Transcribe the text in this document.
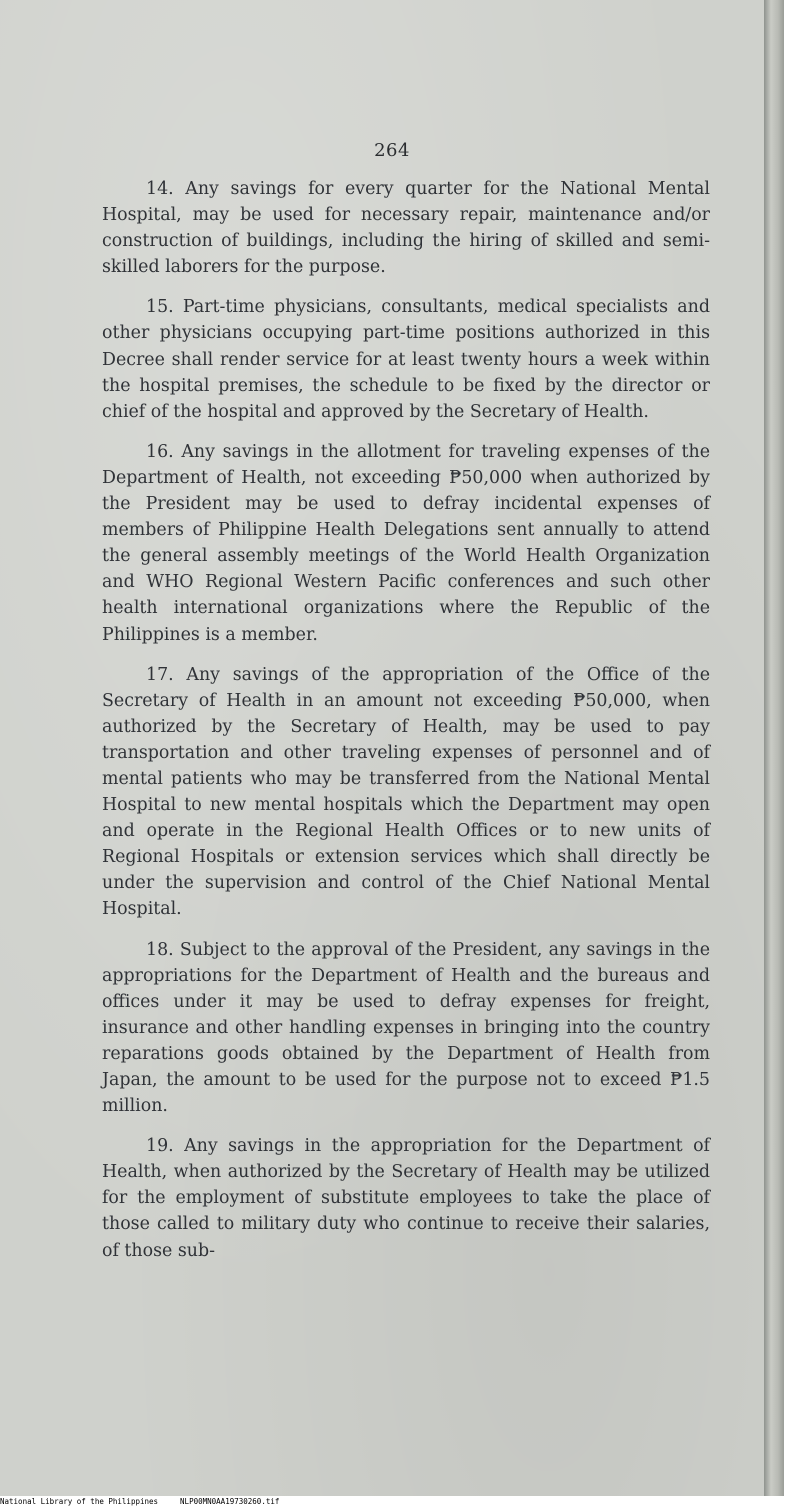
264

14. Any savings for every quarter for the National Mental Hospital, may be used for necessary repair, maintenance and/or construction of buildings, including the hiring of skilled and semi-skilled laborers for the purpose.

15. Part-time physicians, consultants, medical specialists and other physicians occupying part-time positions authorized in this Decree shall render service for at least twenty hours a week within the hospital premises, the schedule to be fixed by the director or chief of the hospital and approved by the Secretary of Health.

16. Any savings in the allotment for traveling expenses of the Department of Health, not exceeding ₱50,000 when authorized by the President may be used to defray incidental expenses of members of Philippine Health Delegations sent annually to attend the general assembly meetings of the World Health Organization and WHO Regional Western Pacific conferences and such other health international organizations where the Republic of the Philippines is a member.

17. Any savings of the appropriation of the Office of the Secretary of Health in an amount not exceeding ₱50,000, when authorized by the Secretary of Health, may be used to pay transportation and other traveling expenses of personnel and of mental patients who may be transferred from the National Mental Hospital to new mental hospitals which the Department may open and operate in the Regional Health Offices or to new units of Regional Hospitals or extension services which shall directly be under the supervision and control of the Chief National Mental Hospital.

18. Subject to the approval of the President, any savings in the appropriations for the Department of Health and the bureaus and offices under it may be used to defray expenses for freight, insurance and other handling expenses in bringing into the country reparations goods obtained by the Department of Health from Japan, the amount to be used for the purpose not to exceed ₱1.5 million.

19. Any savings in the appropriation for the Department of Health, when authorized by the Secretary of Health may be utilized for the employment of substitute employees to take the place of those called to military duty who continue to receive their salaries, of those sub-

National Library of the Philippines	NLP00MN0AA19730260.tif
